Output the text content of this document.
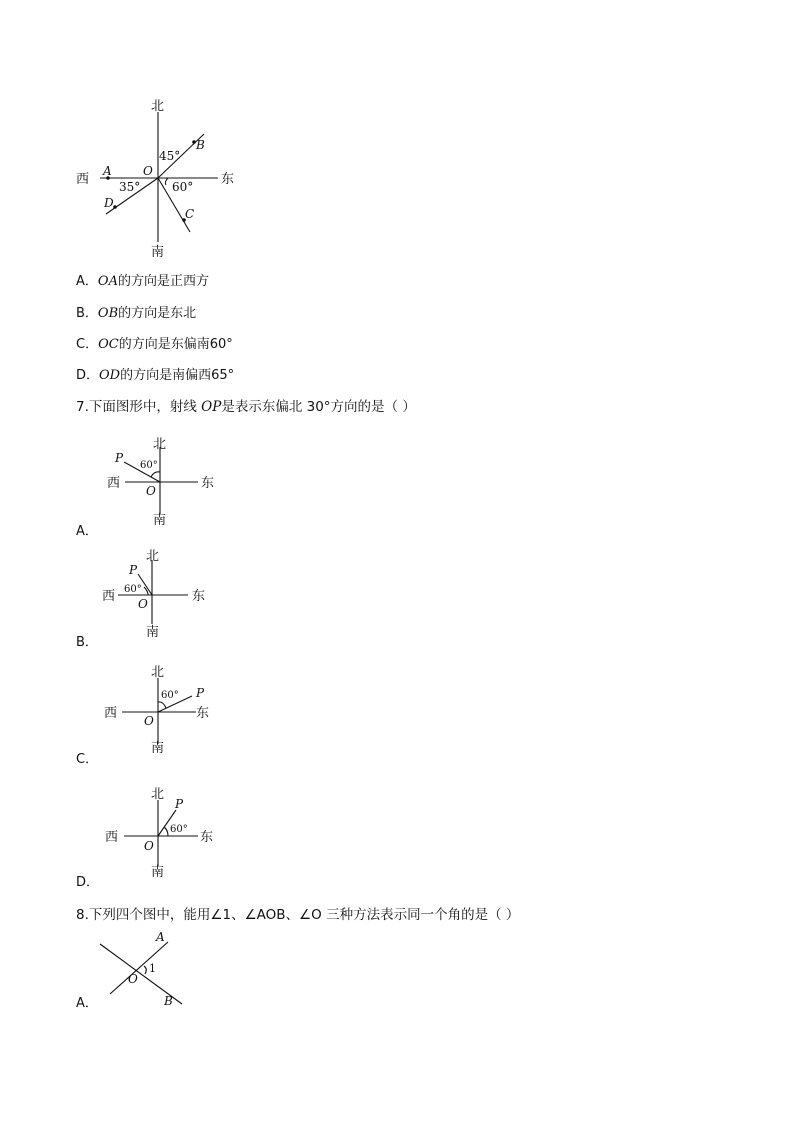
北
南
西	东
A
B
C
D
O
45°
35°	60°
A．OA的方向是正西方
B．OB的方向是东北
C．OC的方向是东偏南60°
D．OD的方向是南偏西65°
7.下面图形中，射线 OP是表示东偏北 30°方向的是（ ）
北
南
西	东
P
O
60°
A．
北
南
西	东
P
O
60°
B．
北
南
西	东
P
O
60°
C．
北
南
西	东
P
O
60°
D．
8.下列四个图中，能用∠1、∠AOB、∠O 三种方法表示同一个角的是（ ）
A
B
O
1
A．
